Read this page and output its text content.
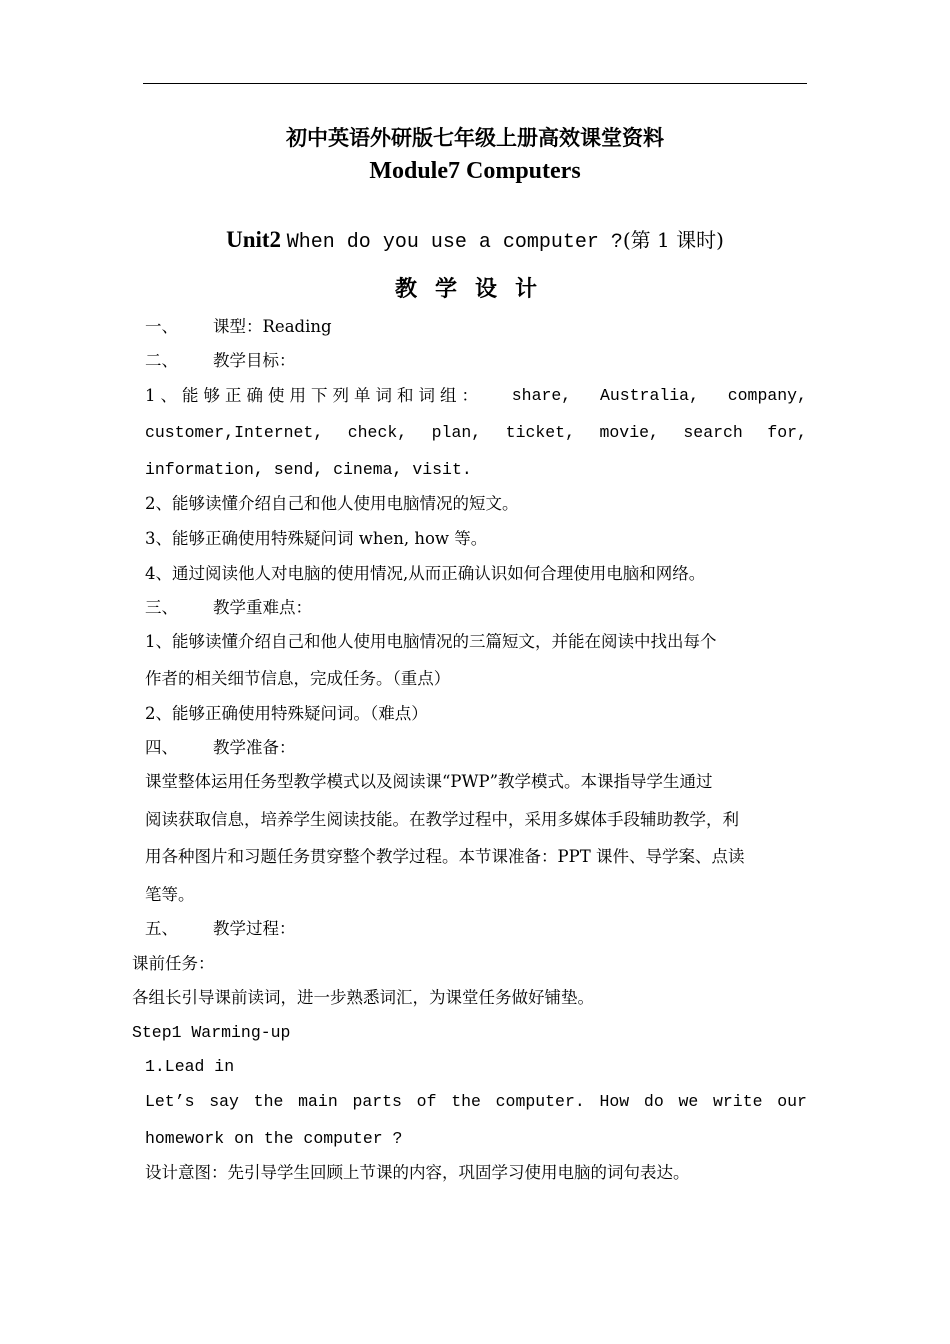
初中英语外研版七年级上册高效课堂资料
Module7 Computers
Unit2 When do you use a computer ?(第 1 课时)
教学设计
一、 课型：Reading
二、 教学目标：
1、能够正确使用下列单词和词组： share, Australia, company,
customer,Internet, check, plan, ticket, movie, search for,
information, send, cinema, visit.
2、能够读懂介绍自己和他人使用电脑情况的短文。
3、能够正确使用特殊疑问词 when, how 等。
4、通过阅读他人对电脑的使用情况,从而正确认识如何合理使用电脑和网络。
三、 教学重难点：
1、能够读懂介绍自己和他人使用电脑情况的三篇短文，并能在阅读中找出每个
作者的相关细节信息，完成任务。（重点）
2、能够正确使用特殊疑问词。（难点）
四、 教学准备：
课堂整体运用任务型教学模式以及阅读课“PWP”教学模式。本课指导学生通过
阅读获取信息，培养学生阅读技能。在教学过程中，采用多媒体手段辅助教学，利
用各种图片和习题任务贯穿整个教学过程。本节课准备：PPT 课件、导学案、点读
笔等。
五、 教学过程：
课前任务：
各组长引导课前读词，进一步熟悉词汇，为课堂任务做好铺垫。
Step1 Warming-up
1.Lead in
Let’s say the main parts of the computer. How do we write our
homework on the computer ?
设计意图：先引导学生回顾上节课的内容，巩固学习使用电脑的词句表达。
